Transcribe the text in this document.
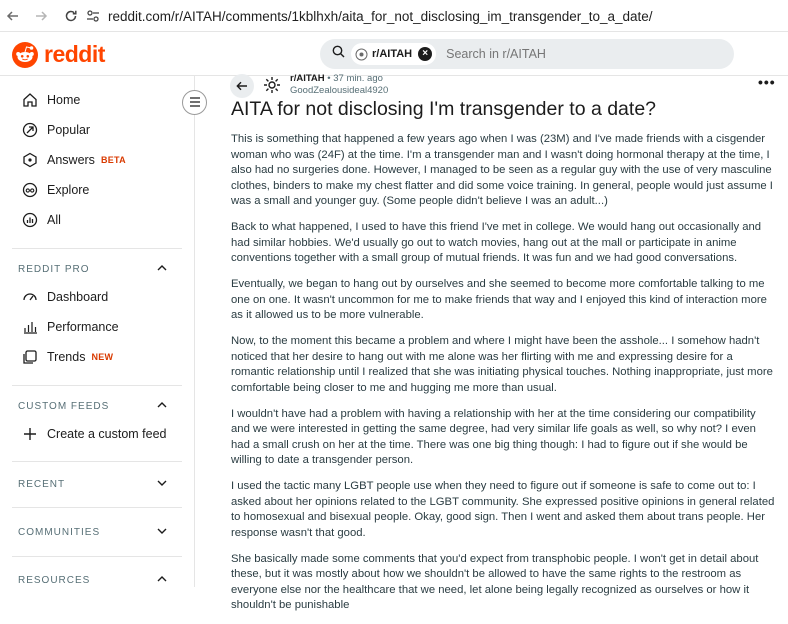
reddit.com/r/AITAH/comments/1kblhxh/aita_for_not_disclosing_im_transgender_to_a_date/
reddit	r/AITAH	×	Search in r/AITAH
Home
Popular
Answers BETA
Explore
All
REDDIT PRO
Dashboard
Performance
Trends NEW
CUSTOM FEEDS
Create a custom feed
RECENT
COMMUNITIES
RESOURCES
r/AITAH • 37 min. ago
GoodZealousideal4920
•••
AITA for not disclosing I'm transgender to a date?

This is something that happened a few years ago when I was (23M) and I've made friends with a cisgender woman who was (24F) at the time. I'm a transgender man and I wasn't doing hormonal therapy at the time, I also had no surgeries done. However, I managed to be seen as a regular guy with the use of very masculine clothes, binders to make my chest flatter and did some voice training. In general, people would just assume I was a small and younger guy. (Some people didn't believe I was an adult...)

Back to what happened, I used to have this friend I've met in college. We would hang out occasionally and had similar hobbies. We'd usually go out to watch movies, hang out at the mall or participate in anime conventions together with a small group of mutual friends. It was fun and we had good conversations.

Eventually, we began to hang out by ourselves and she seemed to become more comfortable talking to me one on one. It wasn't uncommon for me to make friends that way and I enjoyed this kind of interaction more as it allowed us to be more vulnerable.

Now, to the moment this became a problem and where I might have been the asshole... I somehow hadn't noticed that her desire to hang out with me alone was her flirting with me and expressing desire for a romantic relationship until I realized that she was initiating physical touches. Nothing inappropriate, just more comfortable being closer to me and hugging me more than usual.

I wouldn't have had a problem with having a relationship with her at the time considering our compatibility and we were interested in getting the same degree, had very similar life goals as well, so why not? I even had a small crush on her at the time. There was one big thing though: I had to figure out if she would be willing to date a transgender person.

I used the tactic many LGBT people use when they need to figure out if someone is safe to come out to: I asked about her opinions related to the LGBT community. She expressed positive opinions in general related to homosexual and bisexual people. Okay, good sign. Then I went and asked them about trans people. Her response wasn't that good.

She basically made some comments that you'd expect from transphobic people. I won't get in detail about these, but it was mostly about how we shouldn't be allowed to have the same rights to the restroom as everyone else nor the healthcare that we need, let alone being legally recognized as ourselves or how it shouldn't be punishable
